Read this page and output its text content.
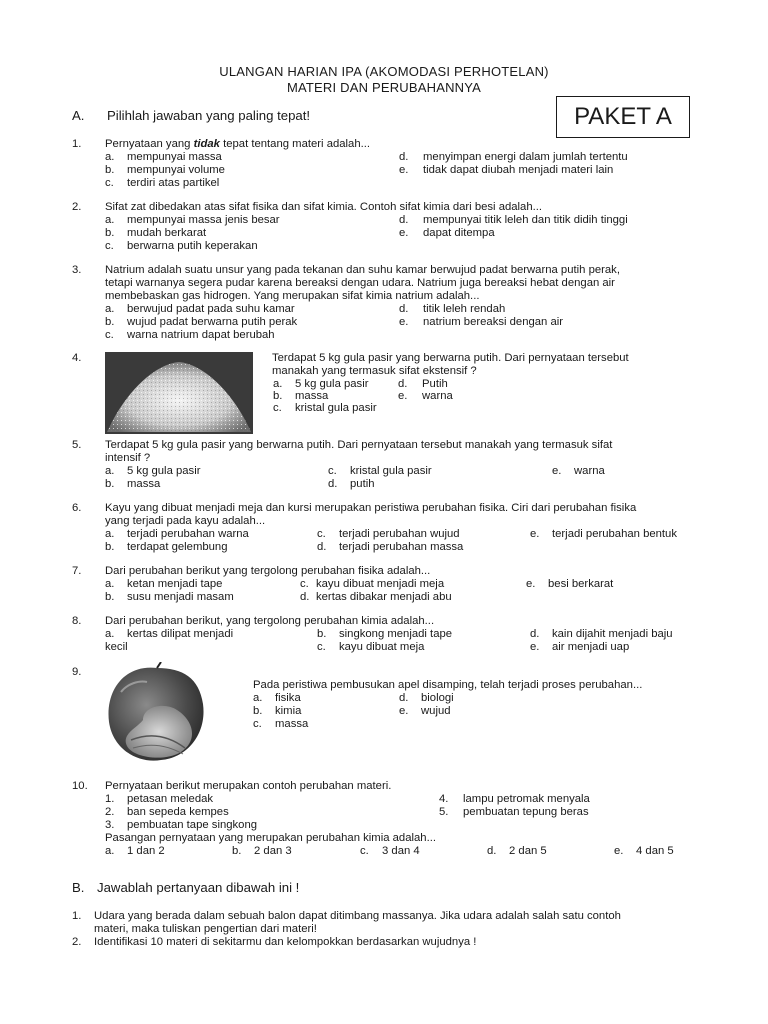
ULANGAN HARIAN IPA (AKOMODASI PERHOTELAN)
MATERI DAN PERUBAHANNYA
PAKET A
A. Pilihlah jawaban yang paling tepat!
1. Pernyataan yang tidak tepat tentang materi adalah...
a. mempunyai massa
b. mempunyai volume
c. terdiri atas partikel
d. menyimpan energi dalam jumlah tertentu
e. tidak dapat diubah menjadi materi lain
2. Sifat zat dibedakan atas sifat fisika dan sifat kimia. Contoh sifat kimia dari besi adalah...
a. mempunyai massa jenis besar
b. mudah berkarat
c. berwarna putih keperakan
d. mempunyai titik leleh dan titik didih tinggi
e. dapat ditempa
3. Natrium adalah suatu unsur yang pada tekanan dan suhu kamar berwujud padat berwarna putih perak,
tetapi warnanya segera pudar karena bereaksi dengan udara. Natrium juga bereaksi hebat dengan air
membebaskan gas hidrogen. Yang merupakan sifat kimia natrium adalah...
a. berwujud padat pada suhu kamar
b. wujud padat berwarna putih perak
c. warna natrium dapat berubah
d. titik leleh rendah
e. natrium bereaksi dengan air
4.	Terdapat 5 kg gula pasir yang berwarna putih. Dari pernyataan tersebut
manakah yang termasuk sifat ekstensif ?
a. 5 kg gula pasir
b. massa
c. kristal gula pasir
d. Putih
e. warna
5. Terdapat 5 kg gula pasir yang berwarna putih. Dari pernyataan tersebut manakah yang termasuk sifat
intensif ?
a. 5 kg gula pasir
b. massa
c. kristal gula pasir
d. putih
e. warna
6. Kayu yang dibuat menjadi meja dan kursi merupakan peristiwa perubahan fisika. Ciri dari perubahan fisika
yang terjadi pada kayu adalah...
a. terjadi perubahan warna
b. terdapat gelembung
c. terjadi perubahan wujud
d. terjadi perubahan massa
e. terjadi perubahan bentuk
7. Dari perubahan berikut yang tergolong perubahan fisika adalah...
a. ketan menjadi tape
b. susu menjadi masam
c. kayu dibuat menjadi meja
d. kertas dibakar menjadi abu
e. besi berkarat
8. Dari perubahan berikut, yang tergolong perubahan kimia adalah...
a. kertas dilipat menjadi
kecil
b. singkong menjadi tape
c. kayu dibuat meja
d. kain dijahit menjadi baju
e. air menjadi uap
9.
Pada peristiwa pembusukan apel disamping, telah terjadi proses perubahan...
a. fisika
b. kimia
c. massa
d. biologi
e. wujud
10. Pernyataan berikut merupakan contoh perubahan materi.
1. petasan meledak
2. ban sepeda kempes
3. pembuatan tape singkong
4. lampu petromak menyala
5. pembuatan tepung beras
Pasangan pernyataan yang merupakan perubahan kimia adalah...
a. 1 dan 2	b. 2 dan 3	c. 3 dan 4	d. 2 dan 5	e. 4 dan 5
B. Jawablah pertanyaan dibawah ini !
1. Udara yang berada dalam sebuah balon dapat ditimbang massanya. Jika udara adalah salah satu contoh
materi, maka tuliskan pengertian dari materi!
2. Identifikasi 10 materi di sekitarmu dan kelompokkan berdasarkan wujudnya !
